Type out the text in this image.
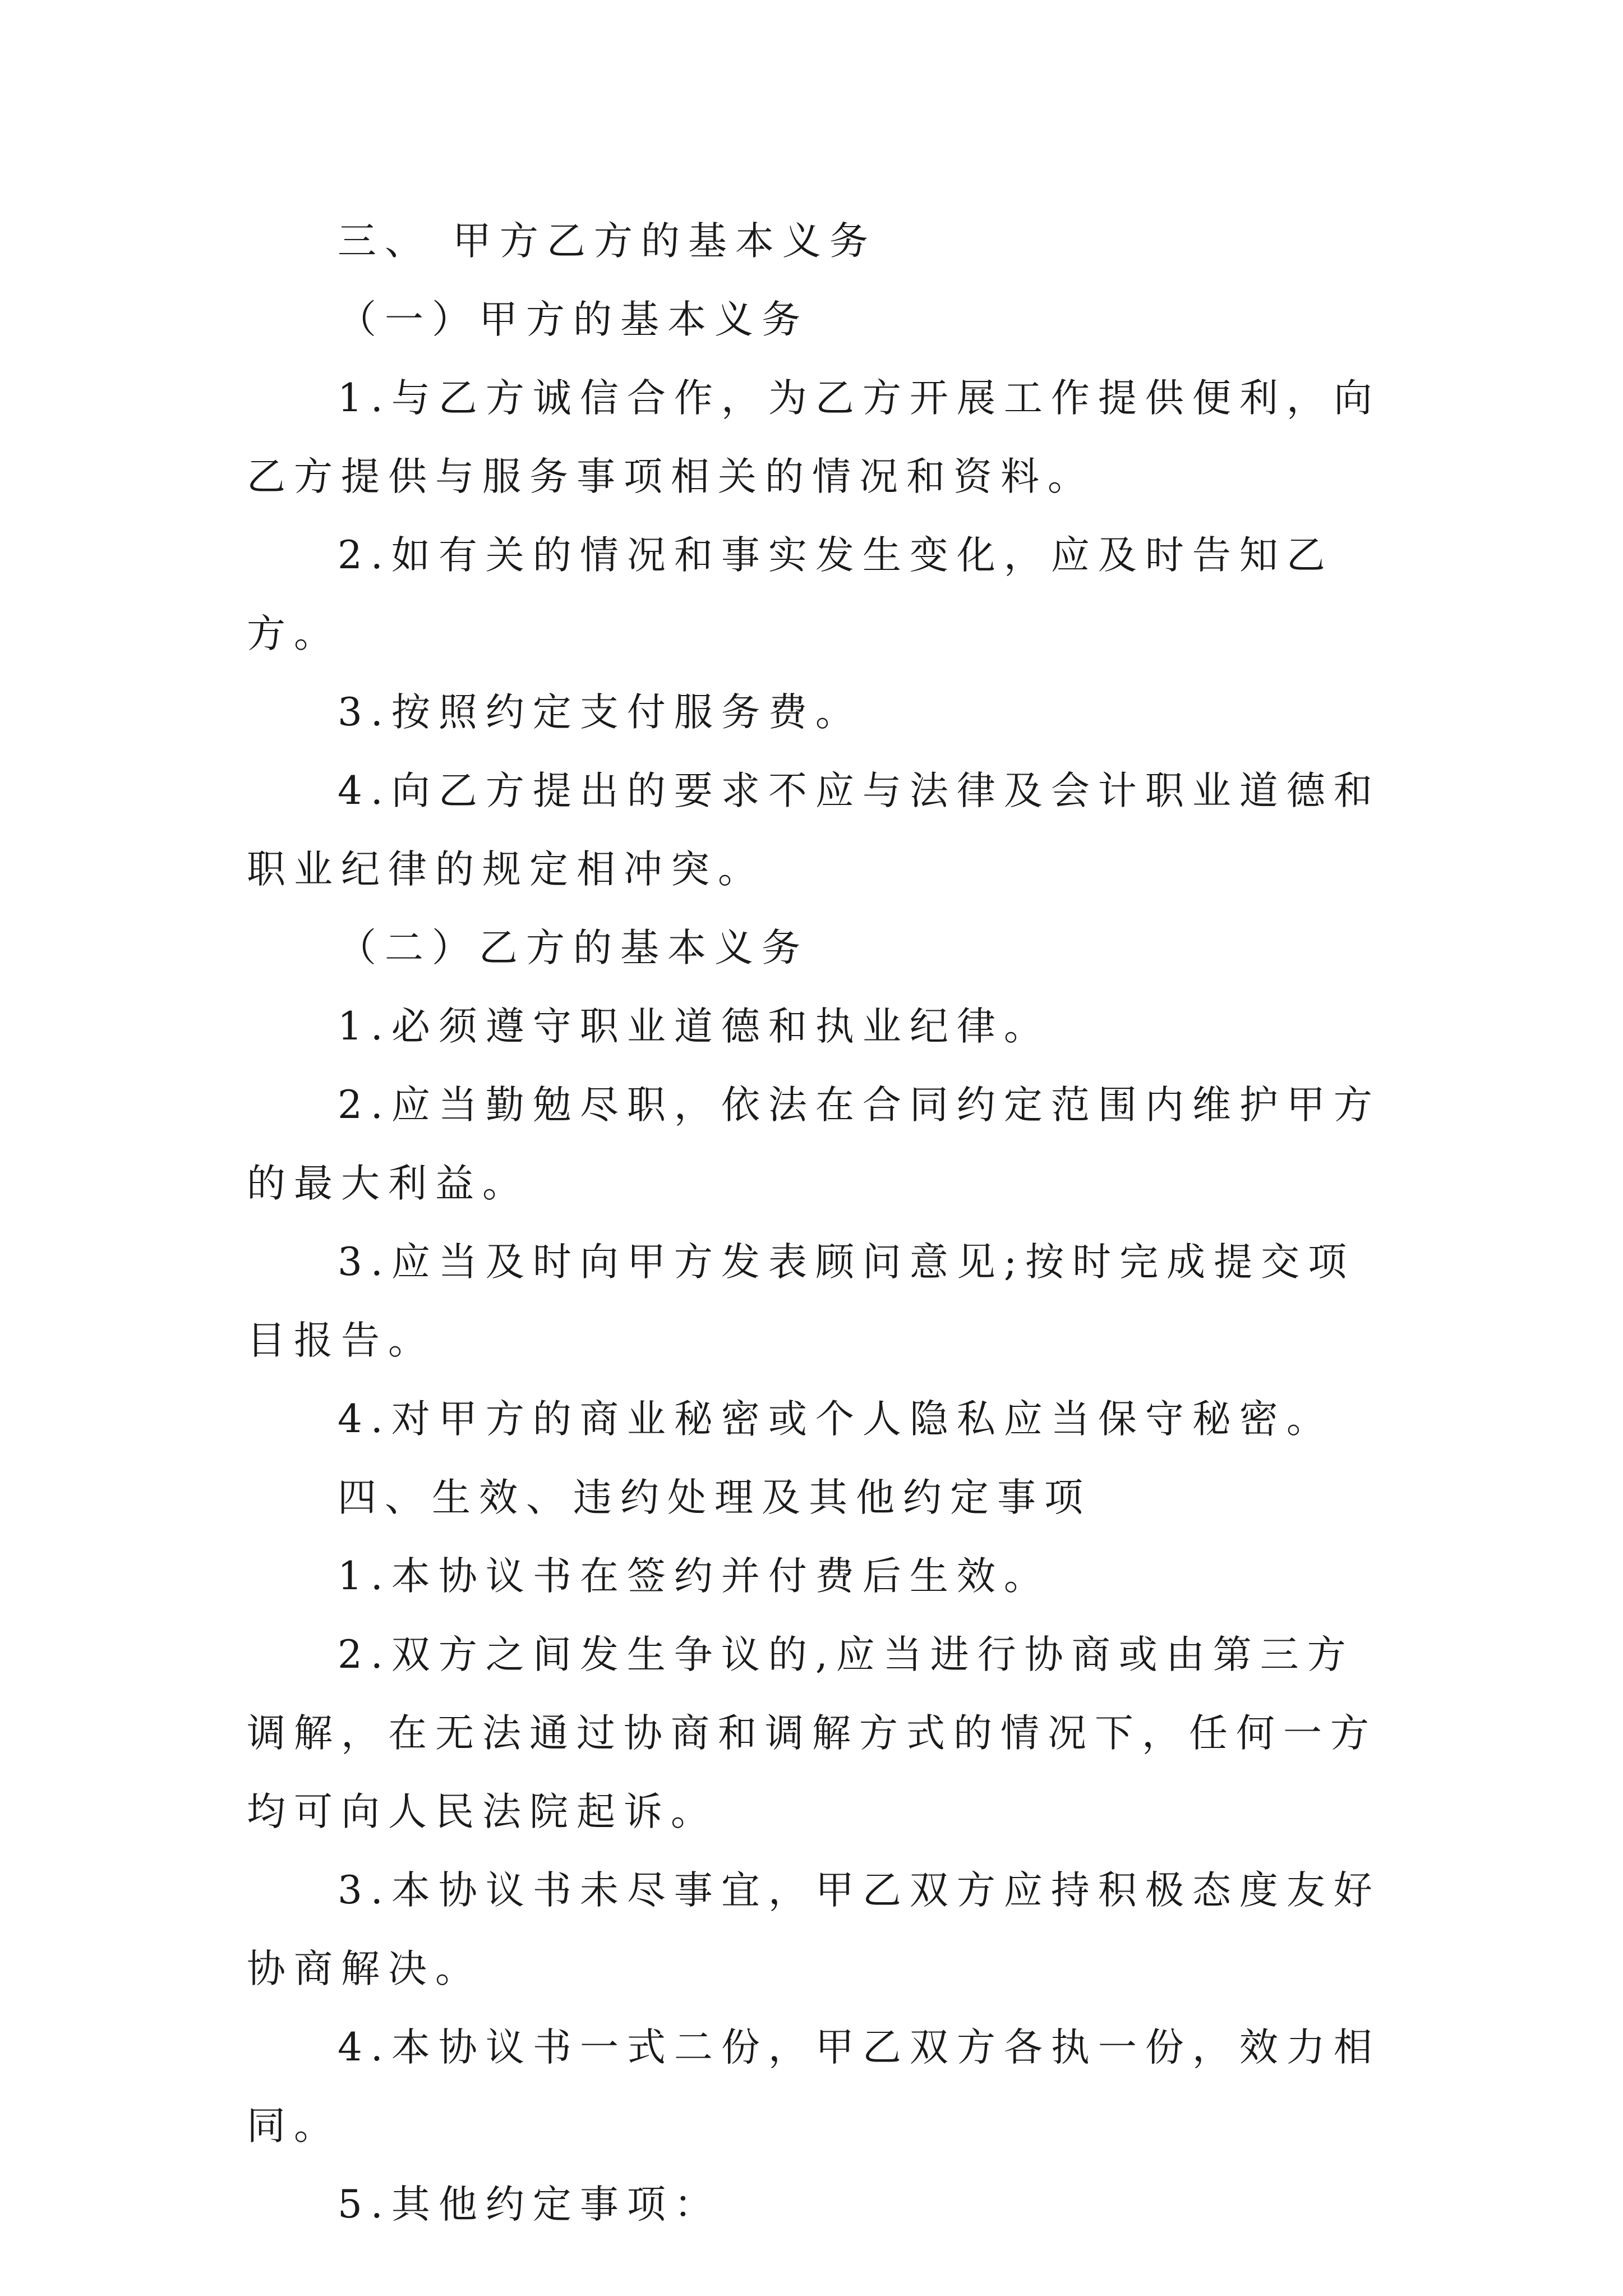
三、 甲方乙方的基本义务

（一）甲方的基本义务

1.与乙方诚信合作，为乙方开展工作提供便利，向乙方提供与服务事项相关的情况和资料。

2.如有关的情况和事实发生变化，应及时告知乙方。

3.按照约定支付服务费。

4.向乙方提出的要求不应与法律及会计职业道德和职业纪律的规定相冲突。

（二）乙方的基本义务

1.必须遵守职业道德和执业纪律。

2.应当勤勉尽职，依法在合同约定范围内维护甲方的最大利益。

3.应当及时向甲方发表顾问意见;按时完成提交项目报告。

4.对甲方的商业秘密或个人隐私应当保守秘密。

四、生效、违约处理及其他约定事项

1.本协议书在签约并付费后生效。

2.双方之间发生争议的,应当进行协商或由第三方调解，在无法通过协商和调解方式的情况下，任何一方均可向人民法院起诉。

3.本协议书未尽事宜，甲乙双方应持积极态度友好协商解决。

4.本协议书一式二份，甲乙双方各执一份，效力相同。

5.其他约定事项：
